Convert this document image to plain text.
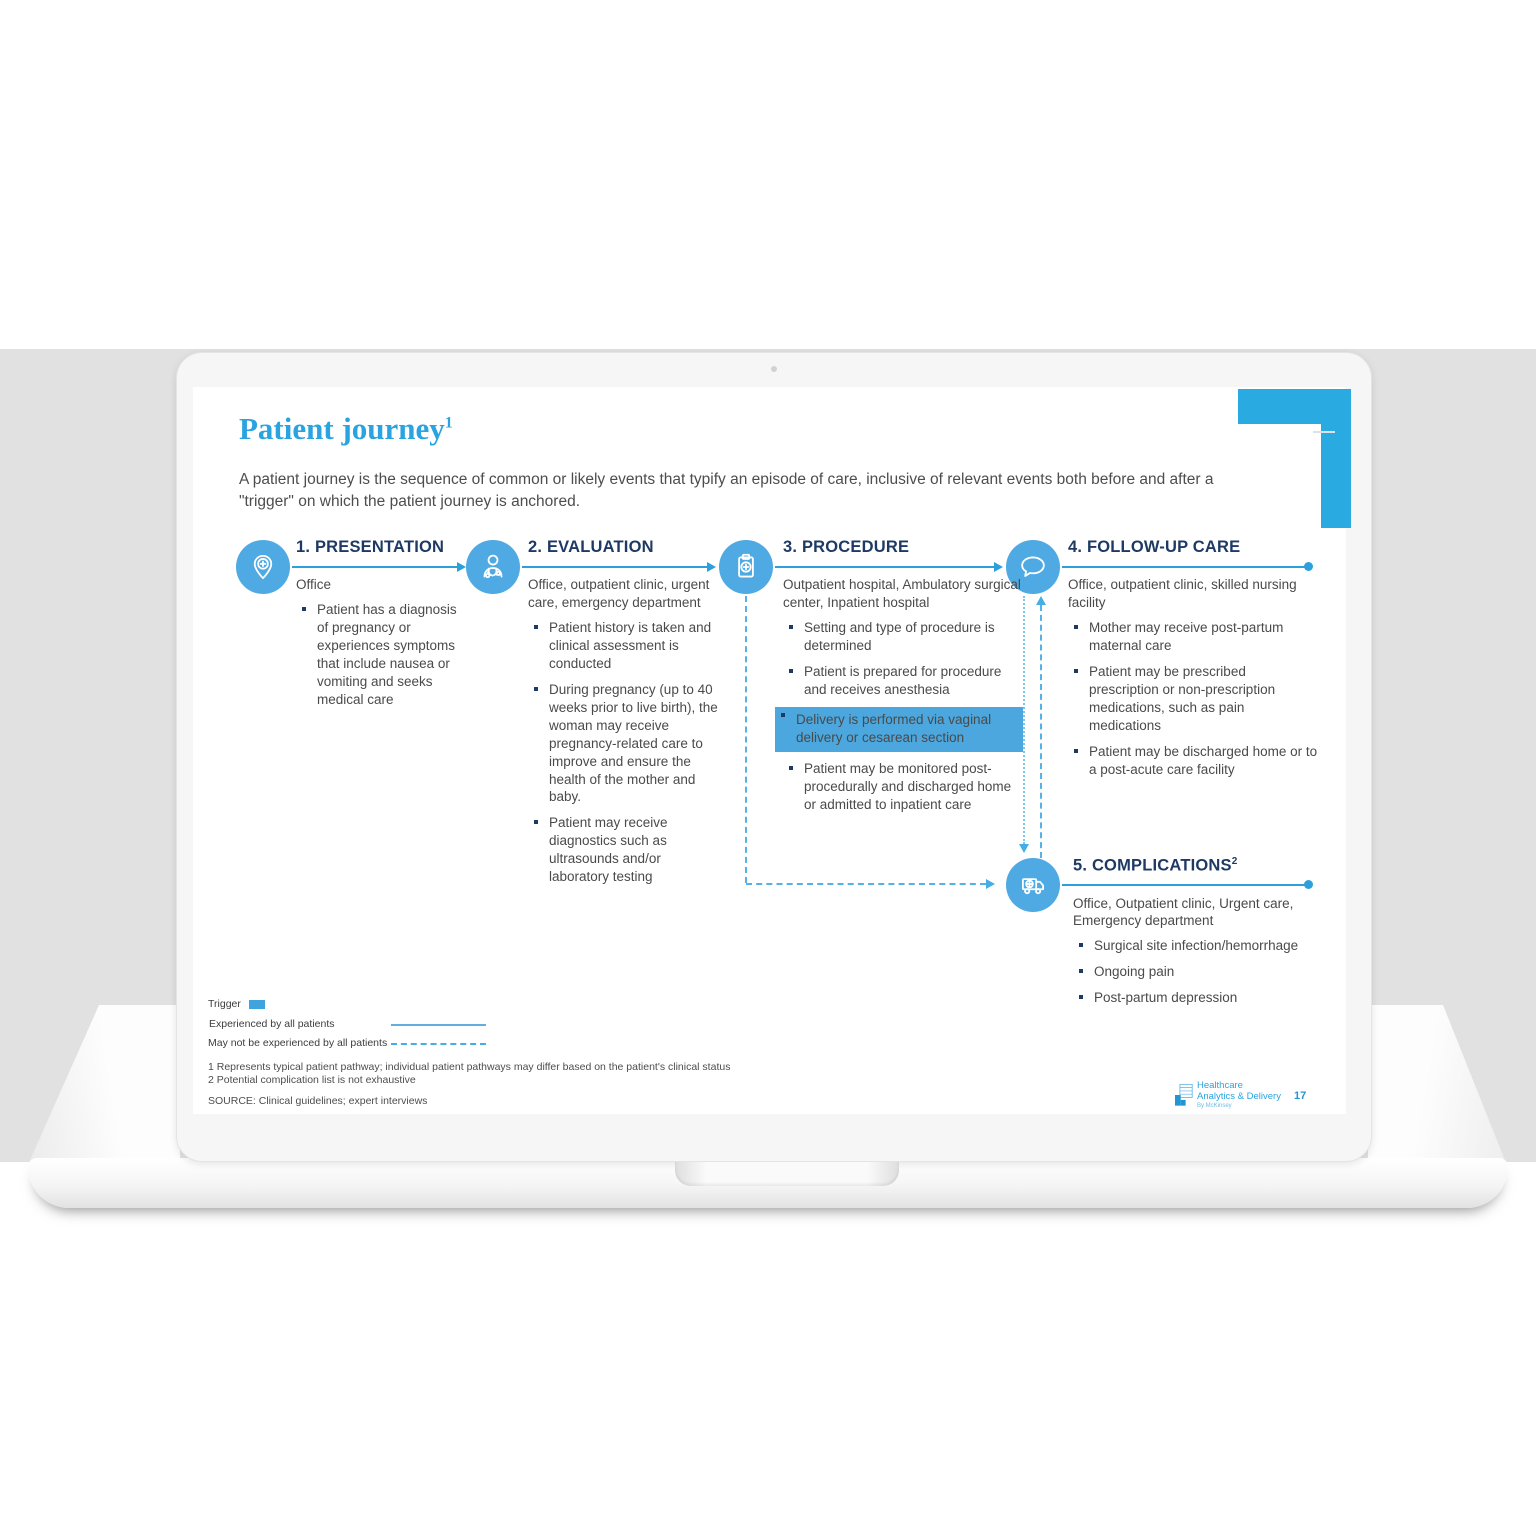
Patient journey$^1$

A patient journey is the sequence of common or likely events that typify an episode of care, inclusive of relevant events both before and after a "trigger" on which the patient journey is anchored.

1. PRESENTATION
Office
Patient has a diagnosis of pregnancy or experiences symptoms that include nausea or vomiting and seeks medical care
2. EVALUATION
Office, outpatient clinic, urgent care, emergency department
Patient history is taken and clinical assessment is conducted
During pregnancy (up to 40 weeks prior to live birth), the woman may receive pregnancy-related care to improve and ensure the health of the mother and baby.
Patient may receive diagnostics such as ultrasounds and/or laboratory testing
3. PROCEDURE
Outpatient hospital, Ambulatory surgical center, Inpatient hospital
Setting and type of procedure is determined
Patient is prepared for procedure and receives anesthesia
Delivery is performed via vaginal delivery or cesarean section
Patient may be monitored post-procedurally and discharged home or admitted to inpatient care
4. FOLLOW-UP CARE
Office, outpatient clinic, skilled nursing facility
Mother may receive post-partum maternal care
Patient may be prescribed prescription or non-prescription medications, such as pain medications
Patient may be discharged home or to a post-acute care facility
5. COMPLICATIONS$^2$
Office, Outpatient clinic, Urgent care, Emergency department
Surgical site infection/hemorrhage
Ongoing pain
Post-partum depression
Trigger
Experienced by all patients
May not be experienced by all patients
1 Represents typical patient pathway; individual patient pathways may differ based on the patient's clinical status
2 Potential complication list is not exhaustive
SOURCE: Clinical guidelines; expert interviews
Healthcare
Analytics & Delivery
By McKinsey
17
